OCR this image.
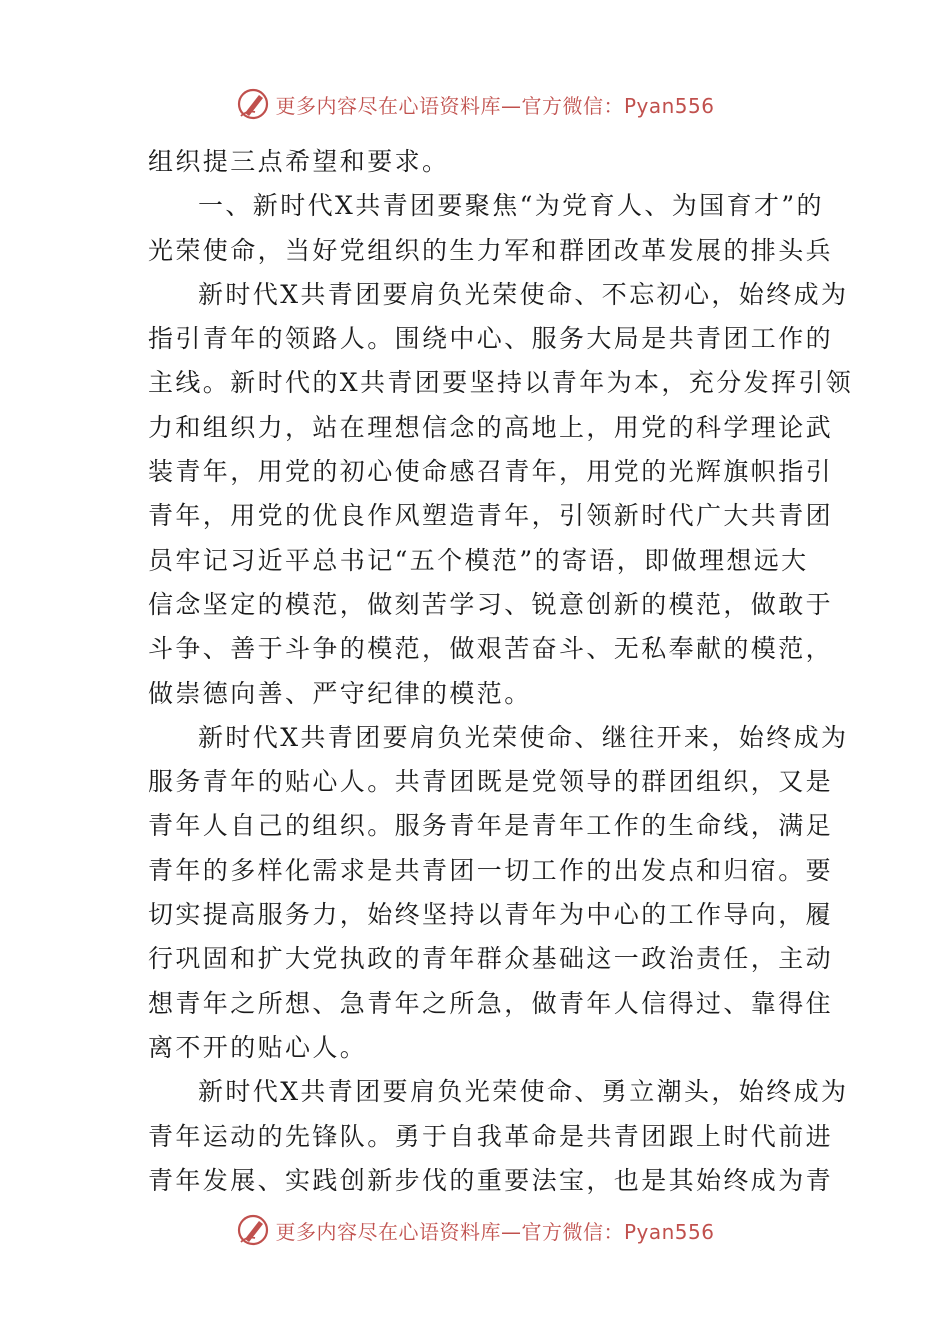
更多内容尽在心语资料库—官方微信：Pyan556
组织提三点希望和要求。
一、新时代X共青团要聚焦“为党育人、为国育才”的
光荣使命，当好党组织的生力军和群团改革发展的排头兵
新时代X共青团要肩负光荣使命、不忘初心，始终成为
指引青年的领路人。围绕中心、服务大局是共青团工作的
主线。新时代的X共青团要坚持以青年为本，充分发挥引领
力和组织力，站在理想信念的高地上，用党的科学理论武
装青年，用党的初心使命感召青年，用党的光辉旗帜指引
青年，用党的优良作风塑造青年，引领新时代广大共青团
员牢记习近平总书记“五个模范”的寄语，即做理想远大
信念坚定的模范，做刻苦学习、锐意创新的模范，做敢于
斗争、善于斗争的模范，做艰苦奋斗、无私奉献的模范，
做崇德向善、严守纪律的模范。
新时代X共青团要肩负光荣使命、继往开来，始终成为
服务青年的贴心人。共青团既是党领导的群团组织，又是
青年人自己的组织。服务青年是青年工作的生命线，满足
青年的多样化需求是共青团一切工作的出发点和归宿。要
切实提高服务力，始终坚持以青年为中心的工作导向，履
行巩固和扩大党执政的青年群众基础这一政治责任，主动
想青年之所想、急青年之所急，做青年人信得过、靠得住
离不开的贴心人。
新时代X共青团要肩负光荣使命、勇立潮头，始终成为
青年运动的先锋队。勇于自我革命是共青团跟上时代前进
青年发展、实践创新步伐的重要法宝，也是其始终成为青
更多内容尽在心语资料库—官方微信：Pyan556
